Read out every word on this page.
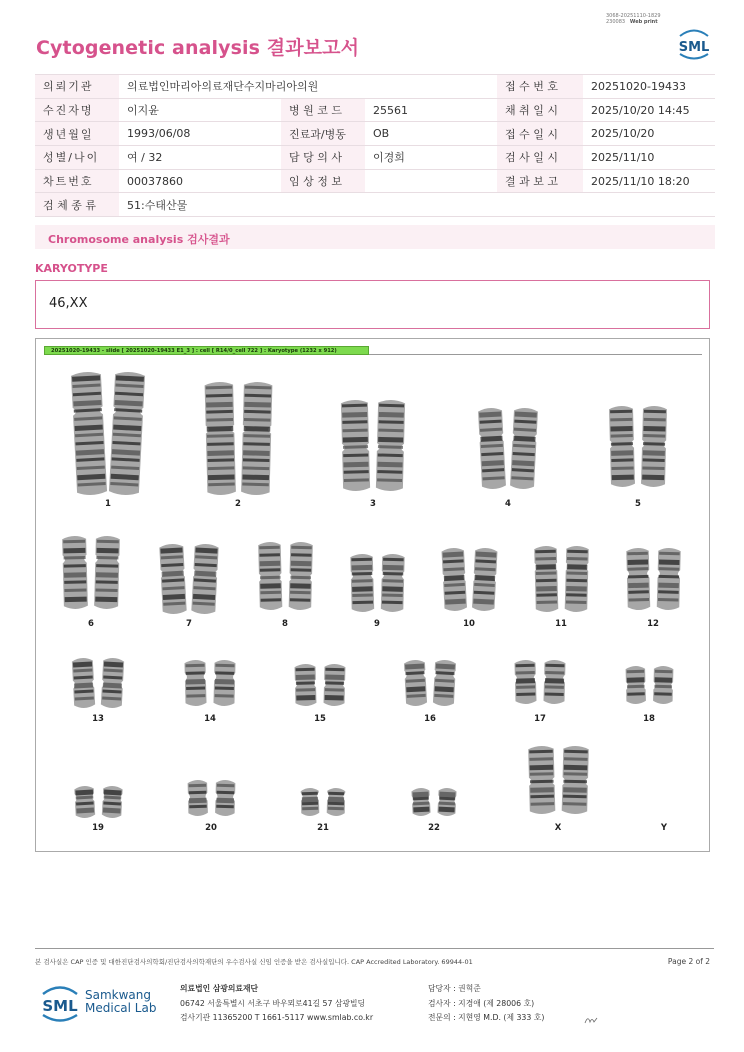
3068-20251110-1829
230083 Web print
Cytogenetic analysis 결과보고서	SML
의뢰기관	의료법인마리아의료재단수지마리아의원			접 수 번 호	20251020-19433
수진자명	이지윤	병 원 코 드	25561	채 취 일 시	2025/10/20 14:45
생년월일	1993/06/08	진료과/병동	OB	접 수 일 시	2025/10/20
성별/나이	여 / 32	담 당 의 사	이경희	검 사 일 시	2025/11/10
차트번호	00037860	임 상 정 보		결 과 보 고	2025/11/10 18:20
검 체 종 류	51:수태산물				
Chromosome analysis 검사결과
KARYOTYPE
46,XX
20251020-19433 - slide [ 20251020-19433 E1_3 ] : cell [ R14/0_cell 722 ] : Karyotype (1232 x 912)
1	2	3	4	5
6	7	8	9	10	11	12
13	14	15	16	17	18
19	20	21	22	X	Y
본 검사실은 CAP 인증 및 대한진단검사의학회/진단검사의학재단의 우수검사실 신임 인증을 받은 검사실입니다. CAP Accredited Laboratory. 69944-01	Page 2 of 2
SML
Samkwang
Medical Lab
의료법인 삼광의료재단
06742 서울특별시 서초구 바우뫼로41길 57 삼광빌딩
검사기관 11365200 T 1661-5117 www.smlab.co.kr
담당자 : 권혁준
검사자 : 지경애 (제 28006 호)
전문의 : 지현영 M.D. (제 333 호)
